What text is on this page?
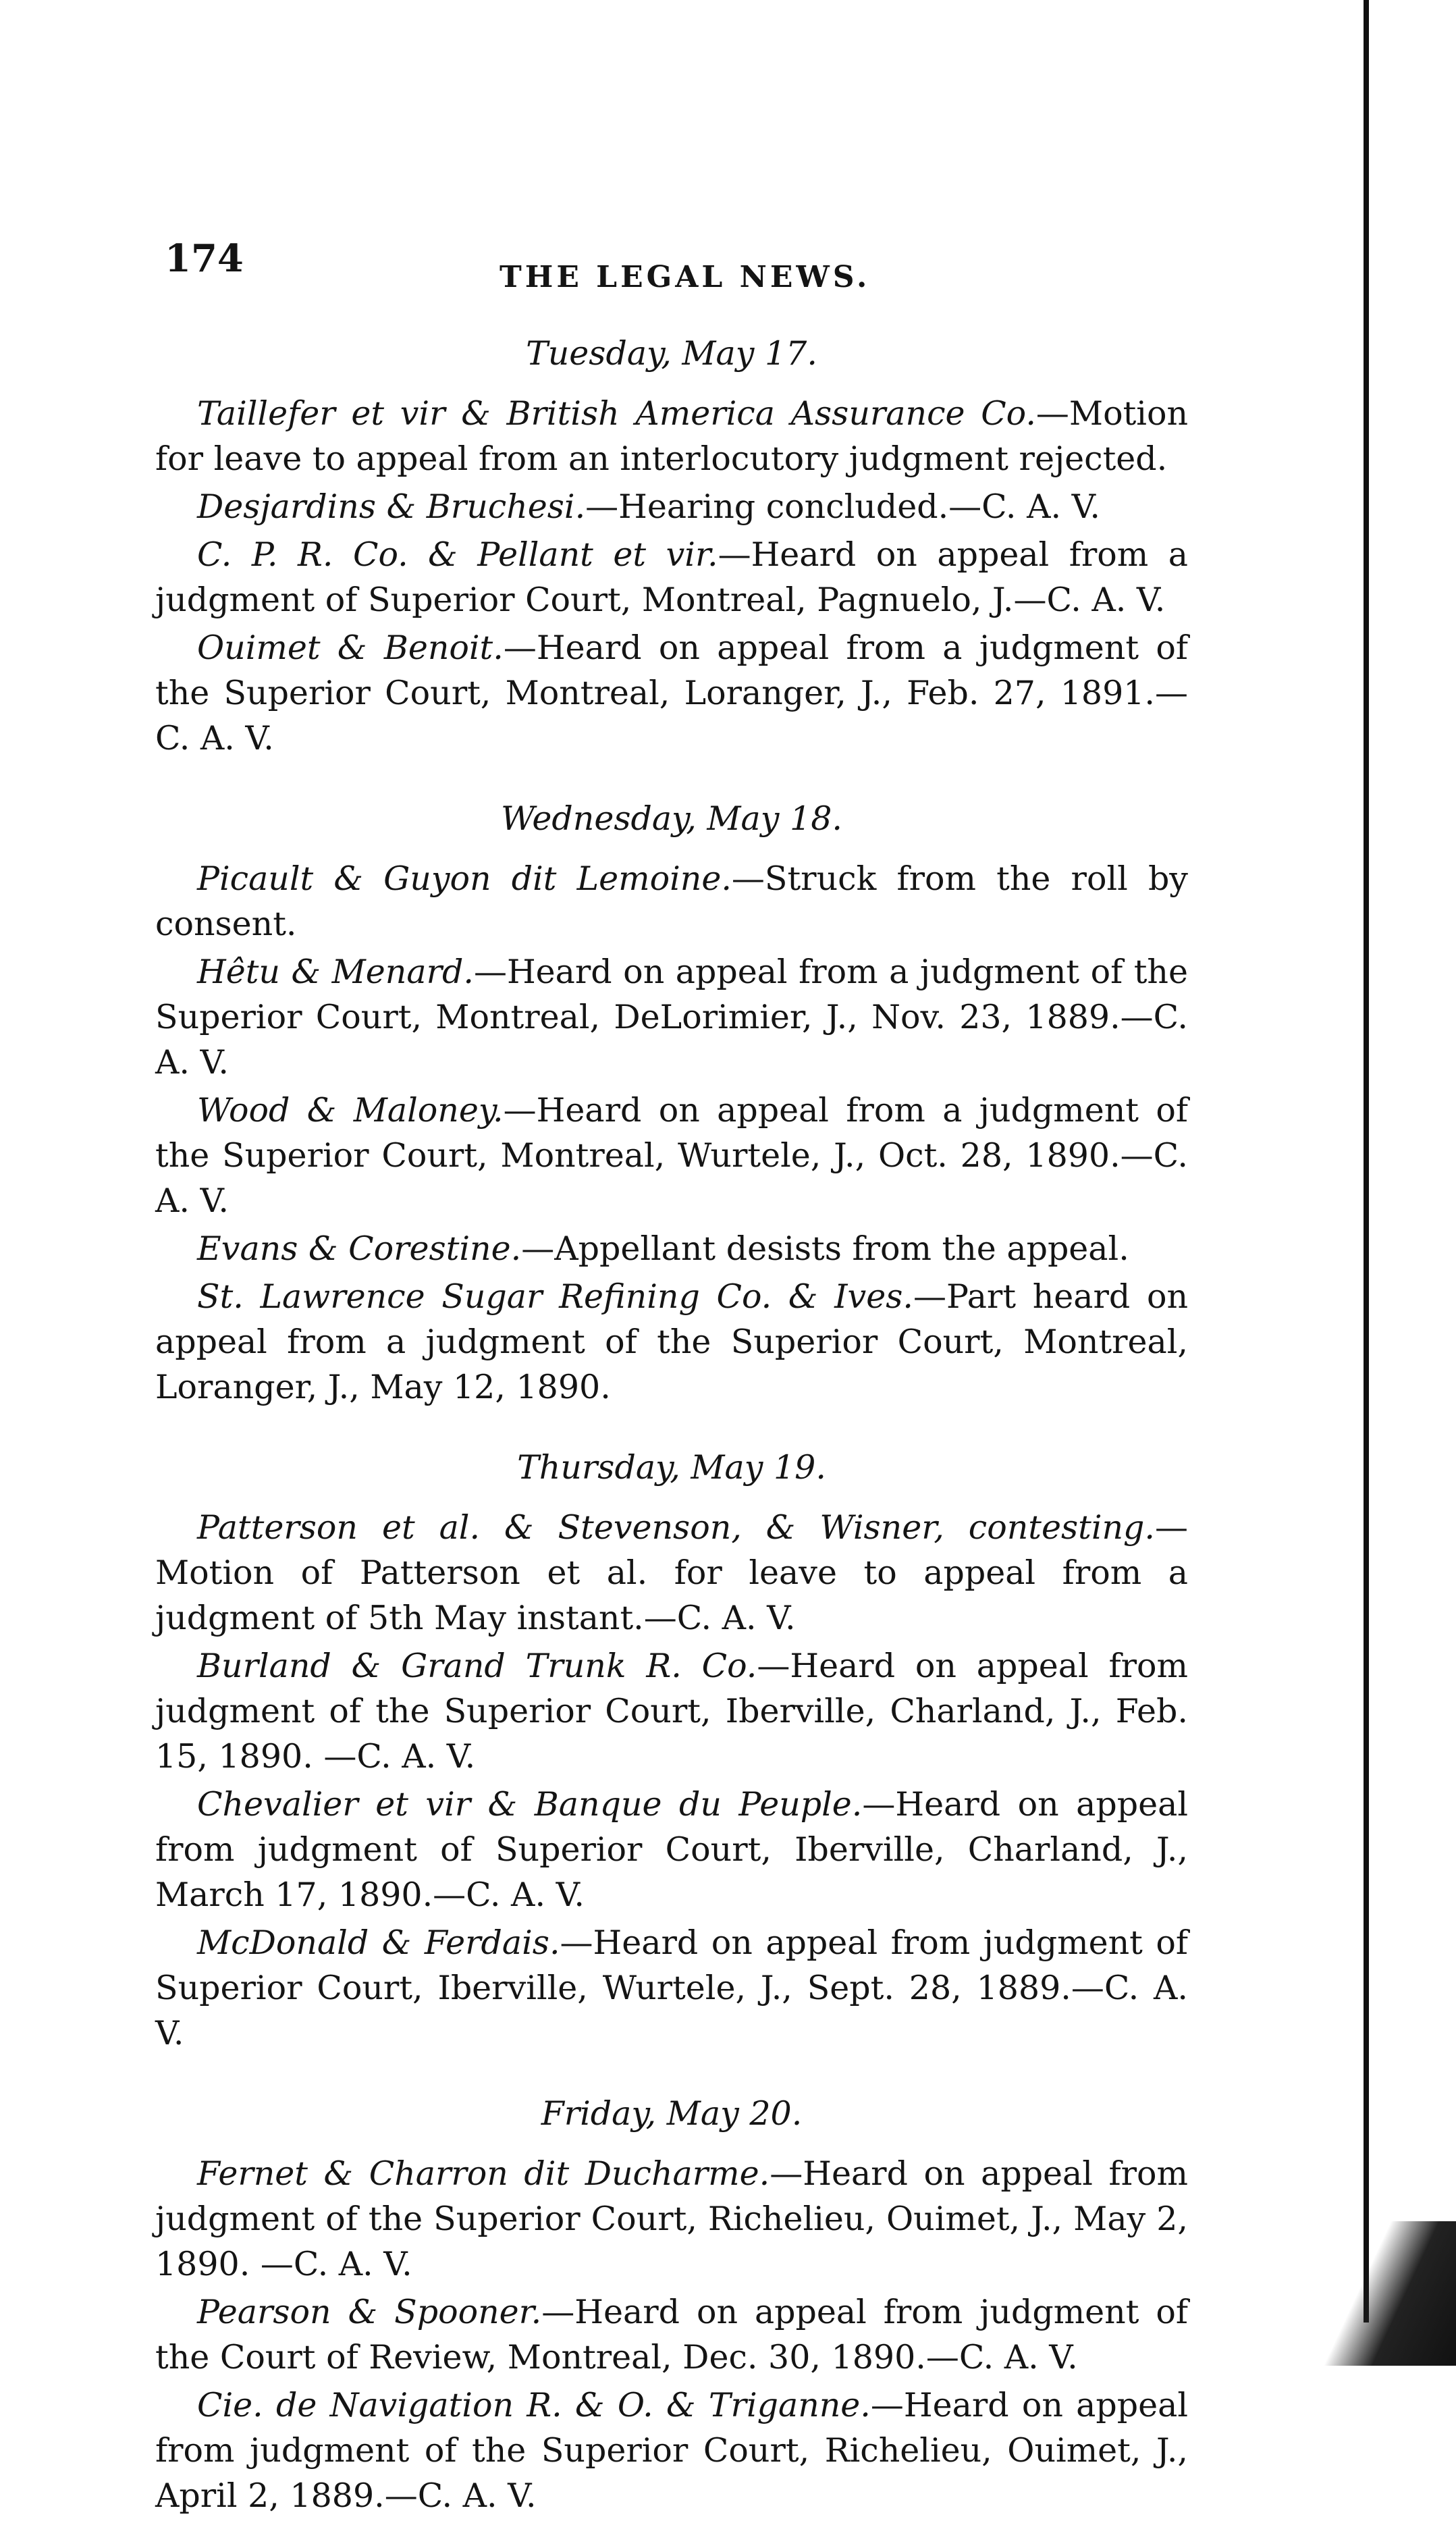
174	THE LEGAL NEWS.
Tuesday, May 17.

Taillefer et vir & British America Assurance Co.—Motion for leave to appeal from an interlocutory judgment rejected.

Desjardins & Bruchesi.—Hearing concluded.—C. A. V.

C. P. R. Co. & Pellant et vir.—Heard on appeal from a judgment of Superior Court, Montreal, Pagnuelo, J.—C. A. V.

Ouimet & Benoit.—Heard on appeal from a judgment of the Superior Court, Montreal, Loranger, J., Feb. 27, 1891.—C. A. V.

Wednesday, May 18.

Picault & Guyon dit Lemoine.—Struck from the roll by consent.

Hêtu & Menard.—Heard on appeal from a judgment of the Superior Court, Montreal, DeLorimier, J., Nov. 23, 1889.—C. A. V.

Wood & Maloney.—Heard on appeal from a judgment of the Superior Court, Montreal, Wurtele, J., Oct. 28, 1890.—C. A. V.

Evans & Corestine.—Appellant desists from the appeal.

St. Lawrence Sugar Refining Co. & Ives.—Part heard on appeal from a judgment of the Superior Court, Montreal, Loranger, J., May 12, 1890.

Thursday, May 19.

Patterson et al. & Stevenson, & Wisner, contesting.—Motion of Patterson et al. for leave to appeal from a judgment of 5th May instant.—C. A. V.

Burland & Grand Trunk R. Co.—Heard on appeal from judgment of the Superior Court, Iberville, Charland, J., Feb. 15, 1890. —C. A. V.

Chevalier et vir & Banque du Peuple.—Heard on appeal from judgment of Superior Court, Iberville, Charland, J., March 17, 1890.—C. A. V.

McDonald & Ferdais.—Heard on appeal from judgment of Superior Court, Iberville, Wurtele, J., Sept. 28, 1889.—C. A. V.

Friday, May 20.

Fernet & Charron dit Ducharme.—Heard on appeal from judgment of the Superior Court, Richelieu, Ouimet, J., May 2, 1890. —C. A. V.

Pearson & Spooner.—Heard on appeal from judgment of the Court of Review, Montreal, Dec. 30, 1890.—C. A. V.

Cie. de Navigation R. & O. & Triganne.—Heard on appeal from judgment of the Superior Court, Richelieu, Ouimet, J., April 2, 1889.—C. A. V.
